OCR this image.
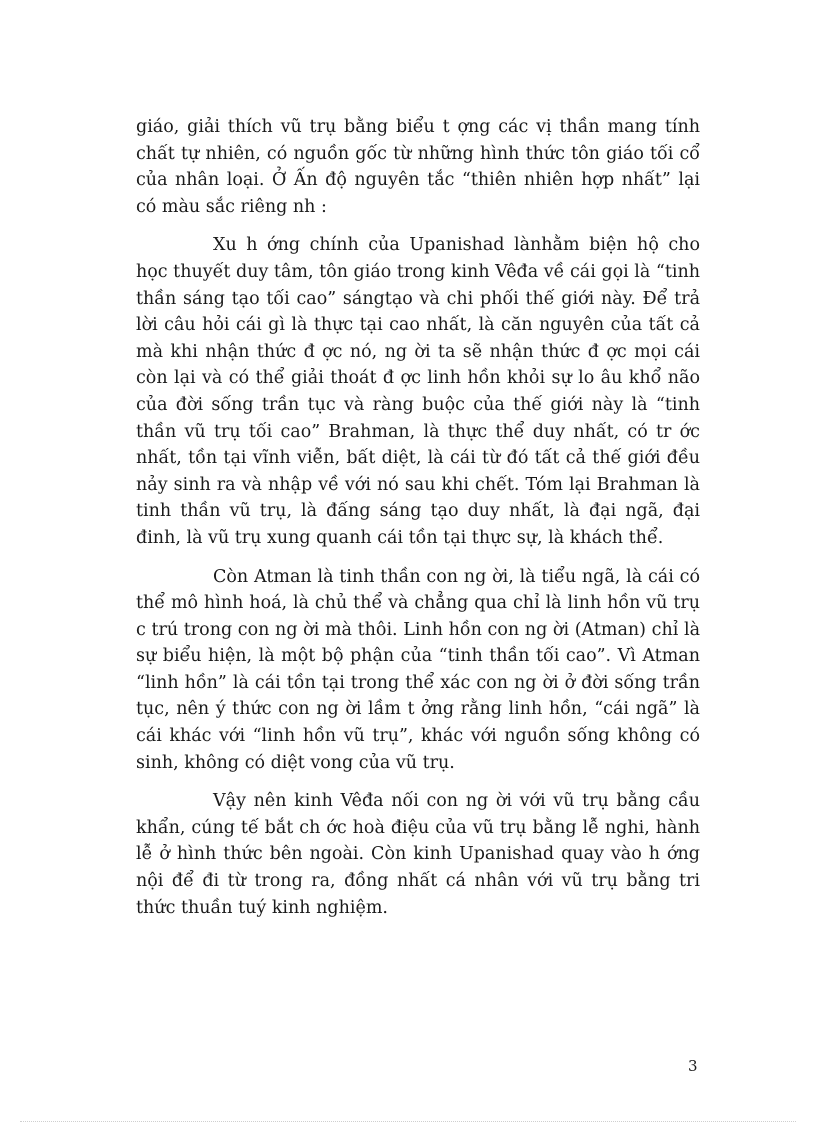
giáo, giải thích vũ trụ bằng biểu t ợng các vị thần mang tính chất tự nhiên, có nguồn gốc từ những hình thức tôn giáo tối cổ của nhân loại. Ở Ấn độ nguyên tắc “thiên nhiên hợp nhất” lại có màu sắc riêng nh :

Xu h ớng chính của Upanishad lànhằm biện hộ cho học thuyết duy tâm, tôn giáo trong kinh Vêđa về cái gọi là “tinh thần sáng tạo tối cao” sángtạo và chi phối thế giới này. Để trả lời câu hỏi cái gì là thực tại cao nhất, là căn nguyên của tất cả mà khi nhận thức đ ợc nó, ng ời ta sẽ nhận thức đ ợc mọi cái còn lại và có thể giải thoát đ ợc linh hồn khỏi sự lo âu khổ não của đời sống trần tục và ràng buộc của thế giới này là “tinh thần vũ trụ tối cao” Brahman, là thực thể duy nhất, có tr ớc nhất, tồn tại vĩnh viễn, bất diệt, là cái từ đó tất cả thế giới đều nảy sinh ra và nhập về với nó sau khi chết. Tóm lại Brahman là tinh thần vũ trụ, là đấng sáng tạo duy nhất, là đại ngã, đại đinh, là vũ trụ xung quanh cái tồn tại thực sự, là khách thể.

Còn Atman là tinh thần con ng ời, là tiểu ngã, là cái có thể mô hình hoá, là chủ thể và chẳng qua chỉ là linh hồn vũ trụ c trú trong con ng ời mà thôi. Linh hồn con ng ời (Atman) chỉ là sự biểu hiện, là một bộ phận của “tinh thần tối cao”. Vì Atman “linh hồn” là cái tồn tại trong thể xác con ng ời ở đời sống trần tục, nên ý thức con ng ời lầm t ởng rằng linh hồn, “cái ngã” là cái khác với “linh hồn vũ trụ”, khác với nguồn sống không có sinh, không có diệt vong của vũ trụ.

Vậy nên kinh Vêđa nối con ng ời với vũ trụ bằng cầu khẩn, cúng tế bắt ch ớc hoà điệu của vũ trụ bằng lễ nghi, hành lễ ở hình thức bên ngoài. Còn kinh Upanishad quay vào h ớng nội để đi từ trong ra, đồng nhất cá nhân với vũ trụ bằng tri thức thuần tuý kinh nghiệm.

3
